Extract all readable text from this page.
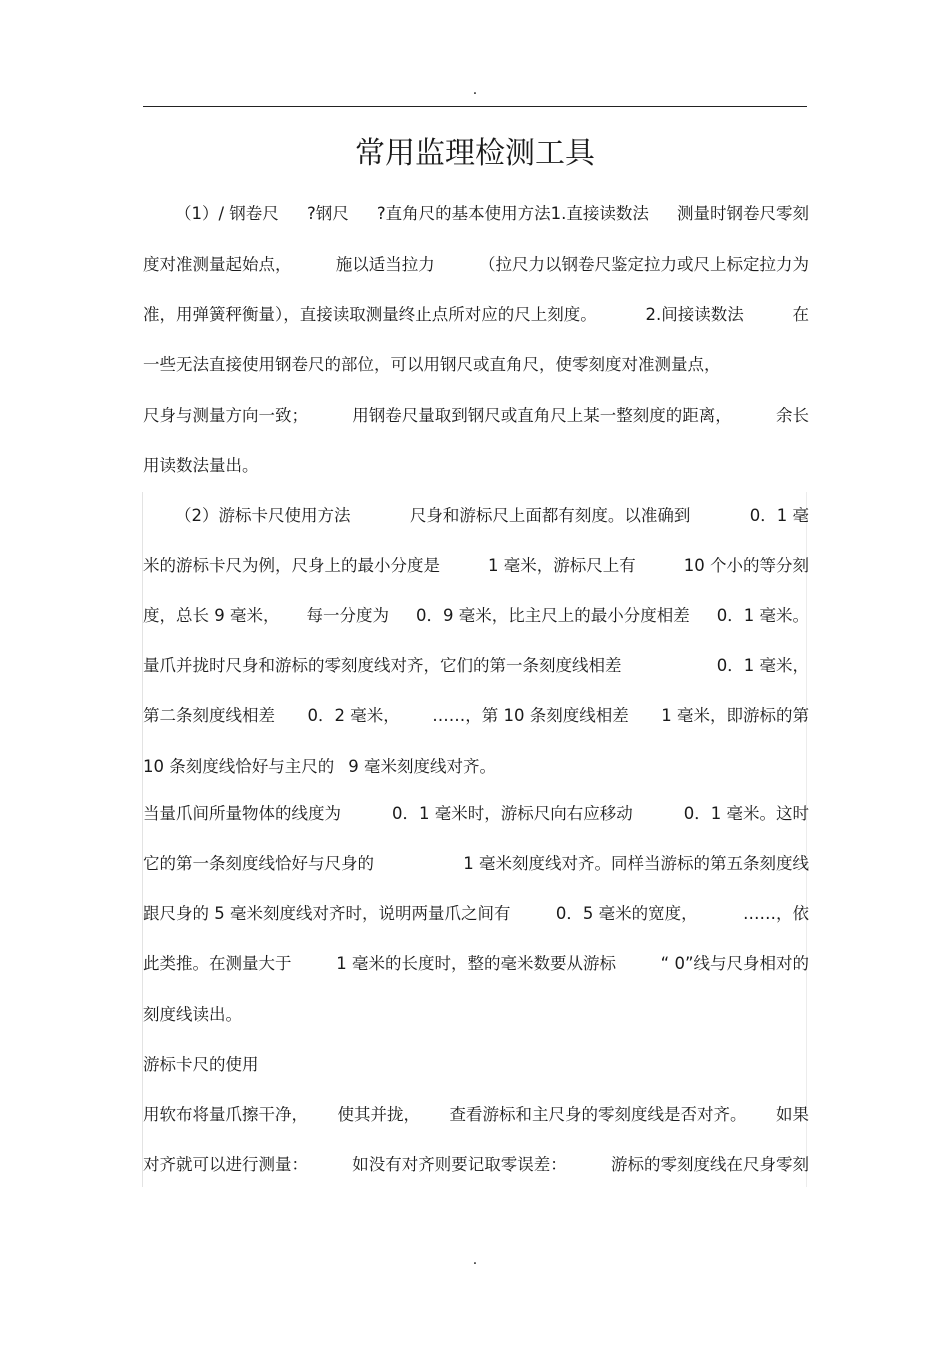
.
常用监理检测工具
（1）/ 钢卷尺 ?钢尺 ?直角尺的基本使用方法1.直接读数法 测量时钢卷尺零刻
度对准测量起始点，	施以适当拉力	（拉尺力以钢卷尺鉴定拉力或尺上标定拉力为
准，用弹簧秤衡量），直接读取测量终止点所对应的尺上刻度。	2.间接读数法	在
一些无法直接使用钢卷尺的部位，可以用钢尺或直角尺，使零刻度对准测量点，
尺身与测量方向一致；	用钢卷尺量取到钢尺或直角尺上某一整刻度的距离，	余长
用读数法量出。
（2）游标卡尺使用方法	尺身和游标尺上面都有刻度。以准确到	0．1 毫
米的游标卡尺为例，尺身上的最小分度是	1 毫米，游标尺上有	10 个小的等分刻
度，总长 9 毫米， 每一分度为 0．9 毫米，比主尺上的最小分度相差 0．1 毫米。
量爪并拢时尺身和游标的零刻度线对齐，它们的第一条刻度线相差	0．1 毫米，
第二条刻度线相差 0．2 毫米， ……，第 10 条刻度线相差 1 毫米，即游标的第
10 条刻度线恰好与主尺的 9 毫米刻度线对齐。
当量爪间所量物体的线度为	0．1 毫米时，游标尺向右应移动	0．1 毫米。这时
它的第一条刻度线恰好与尺身的	1 毫米刻度线对齐。同样当游标的第五条刻度线
跟尺身的 5 毫米刻度线对齐时，说明两量爪之间有	0．5 毫米的宽度，	……，依
此类推。在测量大于	1 毫米的长度时，整的毫米数要从游标	“ 0”线与尺身相对的
刻度线读出。
游标卡尺的使用
用软布将量爪擦干净， 使其并拢， 查看游标和主尺身的零刻度线是否对齐。 如果
对齐就可以进行测量：	如没有对齐则要记取零误差：	游标的零刻度线在尺身零刻
.
